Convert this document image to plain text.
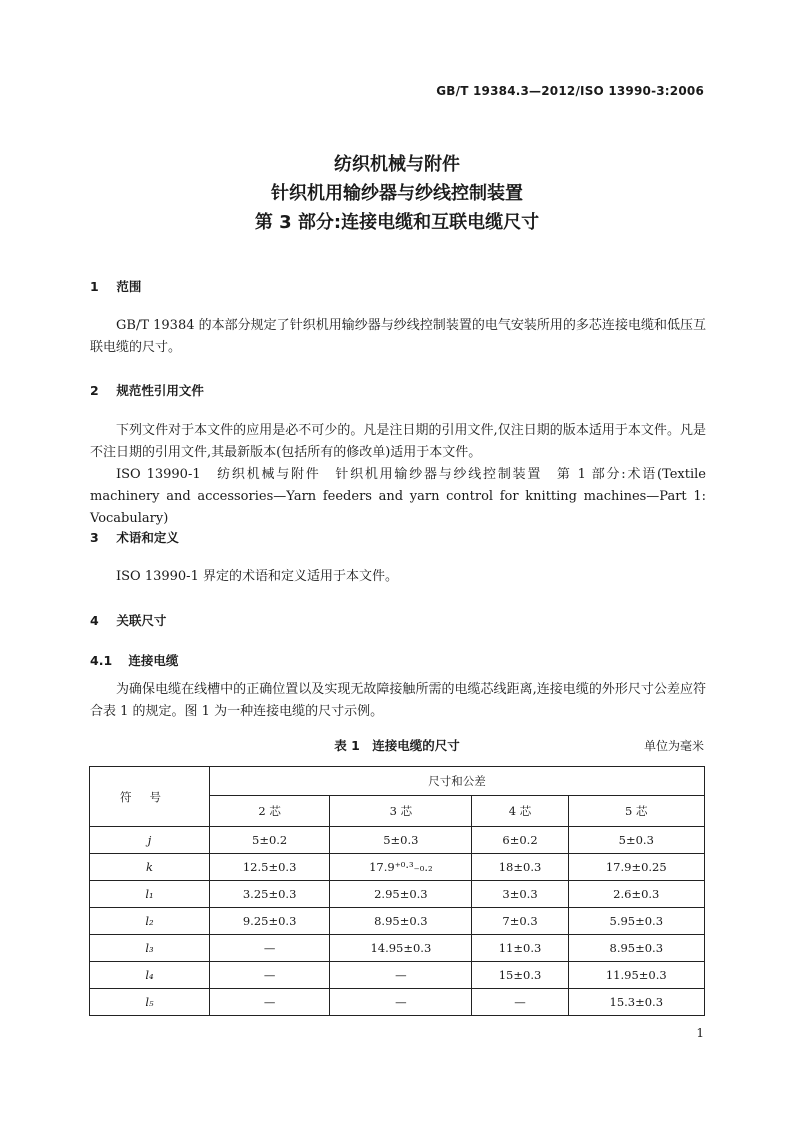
GB/T 19384.3—2012/ISO 13990-3:2006
纺织机械与附件
针织机用输纱器与纱线控制装置
第 3 部分:连接电缆和互联电缆尺寸
1 范围
GB/T 19384 的本部分规定了针织机用输纱器与纱线控制装置的电气安装所用的多芯连接电缆和低压互联电缆的尺寸。
2 规范性引用文件
下列文件对于本文件的应用是必不可少的。凡是注日期的引用文件,仅注日期的版本适用于本文件。凡是不注日期的引用文件,其最新版本(包括所有的修改单)适用于本文件。
ISO 13990-1　纺织机械与附件　针织机用输纱器与纱线控制装置　第 1 部分:术语(Textile machinery and accessories—Yarn feeders and yarn control for knitting machines—Part 1: Vocabulary)
3 术语和定义
ISO 13990-1 界定的术语和定义适用于本文件。
4 关联尺寸
4.1 连接电缆
为确保电缆在线槽中的正确位置以及实现无故障接触所需的电缆芯线距离,连接电缆的外形尺寸公差应符合表 1 的规定。图 1 为一种连接电缆的尺寸示例。
表 1　连接电缆的尺寸	单位为毫米
符号	尺寸和公差			
	2 芯	3 芯	4 芯	5 芯
j	5±0.2	5±0.3	6±0.2	5±0.3
k	12.5±0.3	17.9⁺⁰·³₋₀.₂	18±0.3	17.9±0.25
l₁	3.25±0.3	2.95±0.3	3±0.3	2.6±0.3
l₂	9.25±0.3	8.95±0.3	7±0.3	5.95±0.3
l₃	—	14.95±0.3	11±0.3	8.95±0.3
l₄	—	—	15±0.3	11.95±0.3
l₅	—	—	—	15.3±0.3
1
